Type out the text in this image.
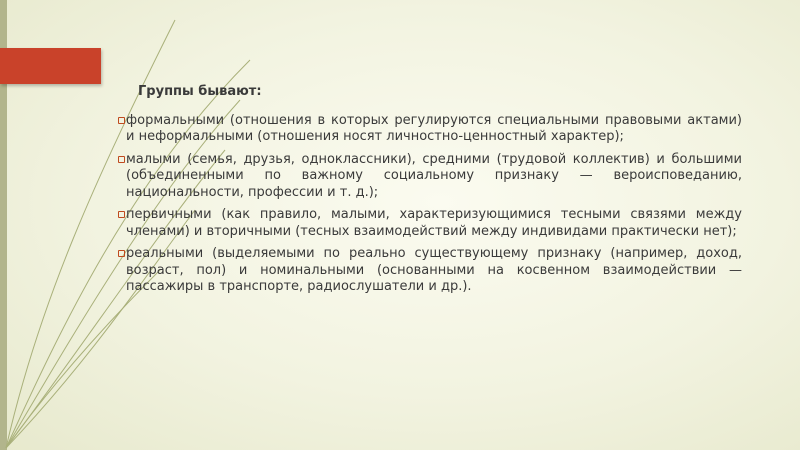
Группы бывают:
формальными (отношения в которых регулируются специальными правовыми актами) и неформальными (отношения носят личностно-ценностный характер);
малыми (семья, друзья, одноклассники), средними (трудовой коллектив) и большими (объединенными по важному социальному признаку — вероисповеданию, национальности, профессии и т. д.);
первичными (как правило, малыми, характеризующимися тесными связями между членами) и вторичными (тесных взаимодействий между индивидами практически нет);
реальными (выделяемыми по реально существующему признаку (например, доход, возраст, пол) и номинальными (основанными на косвенном взаимодействии — пассажиры в транспорте, радиослушатели и др.).
